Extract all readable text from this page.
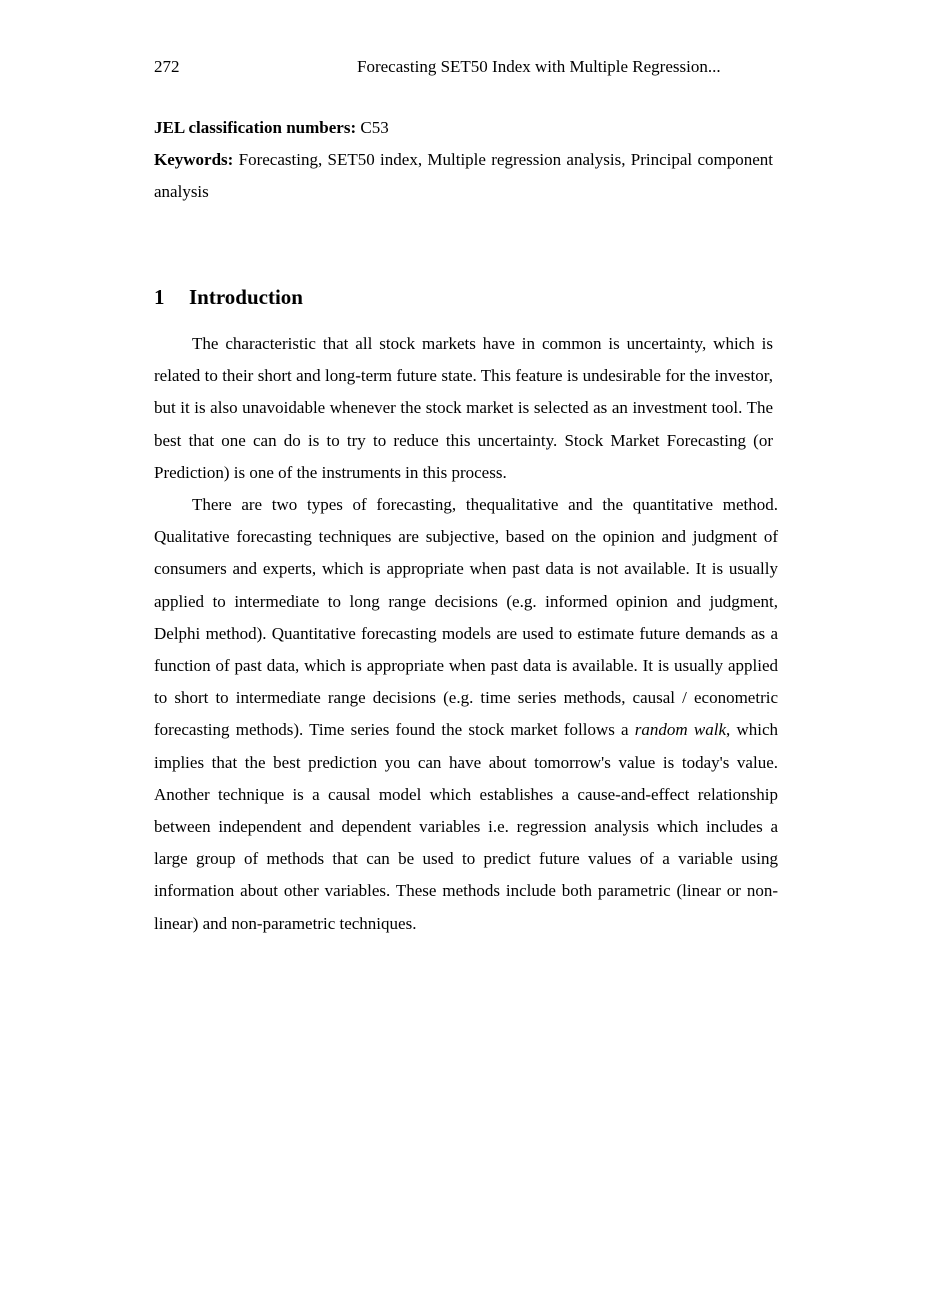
272	Forecasting SET50 Index with Multiple Regression...

JEL classification numbers: C53

Keywords: Forecasting, SET50 index, Multiple regression analysis, Principal component analysis

1 Introduction

The characteristic that all stock markets have in common is uncertainty, which is related to their short and long-term future state. This feature is undesirable for the investor, but it is also unavoidable whenever the stock market is selected as an investment tool. The best that one can do is to try to reduce this uncertainty. Stock Market Forecasting (or Prediction) is one of the instruments in this process.

There are two types of forecasting, thequalitative and the quantitative method. Qualitative forecasting techniques are subjective, based on the opinion and judgment of consumers and experts, which is appropriate when past data is not available. It is usually applied to intermediate to long range decisions (e.g. informed opinion and judgment, Delphi method). Quantitative forecasting models are used to estimate future demands as a function of past data, which is appropriate when past data is available. It is usually applied to short to intermediate range decisions (e.g. time series methods, causal / econometric forecasting methods). Time series found the stock market follows a random walk, which implies that the best prediction you can have about tomorrow's value is today's value. Another technique is a causal model which establishes a cause-and-effect relationship between independent and dependent variables i.e. regression analysis which includes a large group of methods that can be used to predict future values of a variable using information about other variables. These methods include both parametric (linear or non-linear) and non-parametric techniques.
